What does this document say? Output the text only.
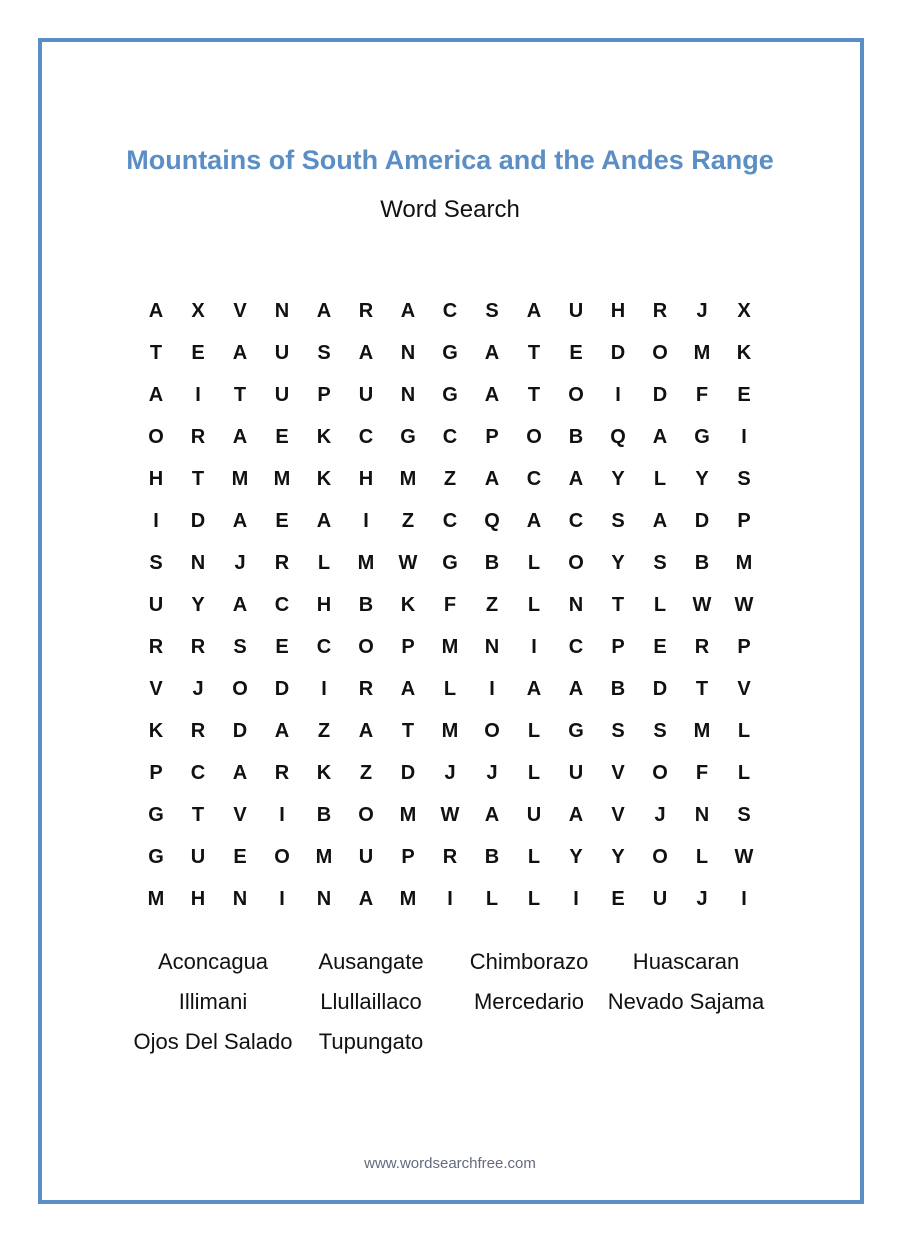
Mountains of South America and the Andes Range
Word Search
A	X	V	N	A	R	A	C	S	A	U	H	R	J	X
T	E	A	U	S	A	N	G	A	T	E	D	O	M	K
A	I	T	U	P	U	N	G	A	T	O	I	D	F	E
O	R	A	E	K	C	G	C	P	O	B	Q	A	G	I
H	T	M	M	K	H	M	Z	A	C	A	Y	L	Y	S
I	D	A	E	A	I	Z	C	Q	A	C	S	A	D	P
S	N	J	R	L	M	W	G	B	L	O	Y	S	B	M
U	Y	A	C	H	B	K	F	Z	L	N	T	L	W	W
R	R	S	E	C	O	P	M	N	I	C	P	E	R	P
V	J	O	D	I	R	A	L	I	A	A	B	D	T	V
K	R	D	A	Z	A	T	M	O	L	G	S	S	M	L
P	C	A	R	K	Z	D	J	J	L	U	V	O	F	L
G	T	V	I	B	O	M	W	A	U	A	V	J	N	S
G	U	E	O	M	U	P	R	B	L	Y	Y	O	L	W
M	H	N	I	N	A	M	I	L	L	I	E	U	J	I
Aconcagua Ausangate Chimborazo Huascaran
Illimani	Llullaillaco Mercedario Nevado Sajama
Ojos Del Salado Tupungato
www.wordsearchfree.com
